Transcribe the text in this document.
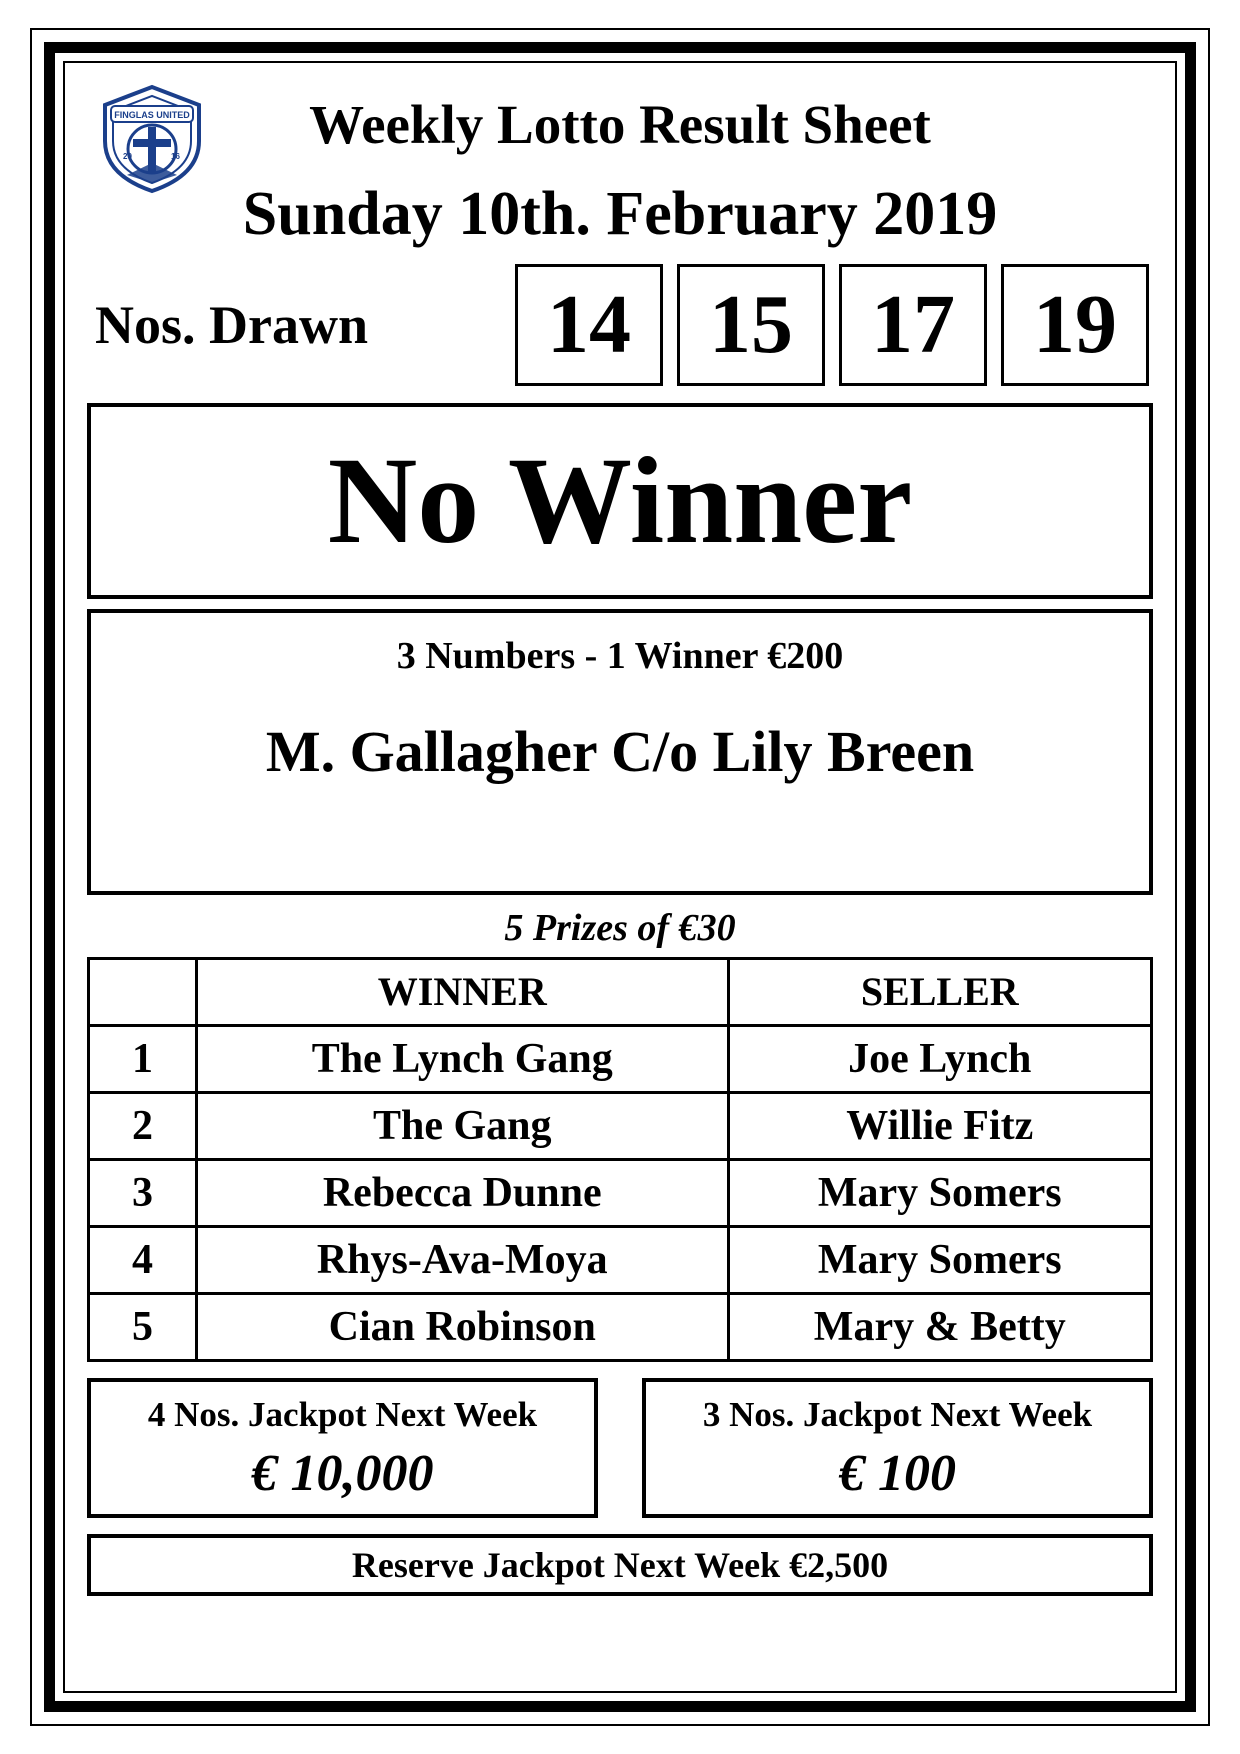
FINGLAS UNITED
20	16
Weekly Lotto Result Sheet
Sunday 10th. February 2019
Nos. Drawn	14 15 17 19
No Winner
3 Numbers - 1 Winner €200
M. Gallagher C/o Lily Breen
5 Prizes of €30
	WINNER	SELLER
1	The Lynch Gang	Joe Lynch
2	The Gang	Willie Fitz
3	Rebecca Dunne	Mary Somers
4	Rhys-Ava-Moya	Mary Somers
5	Cian Robinson	Mary & Betty
4 Nos. Jackpot Next Week
€ 10,000
3 Nos. Jackpot Next Week
€ 100
Reserve Jackpot Next Week €2,500
